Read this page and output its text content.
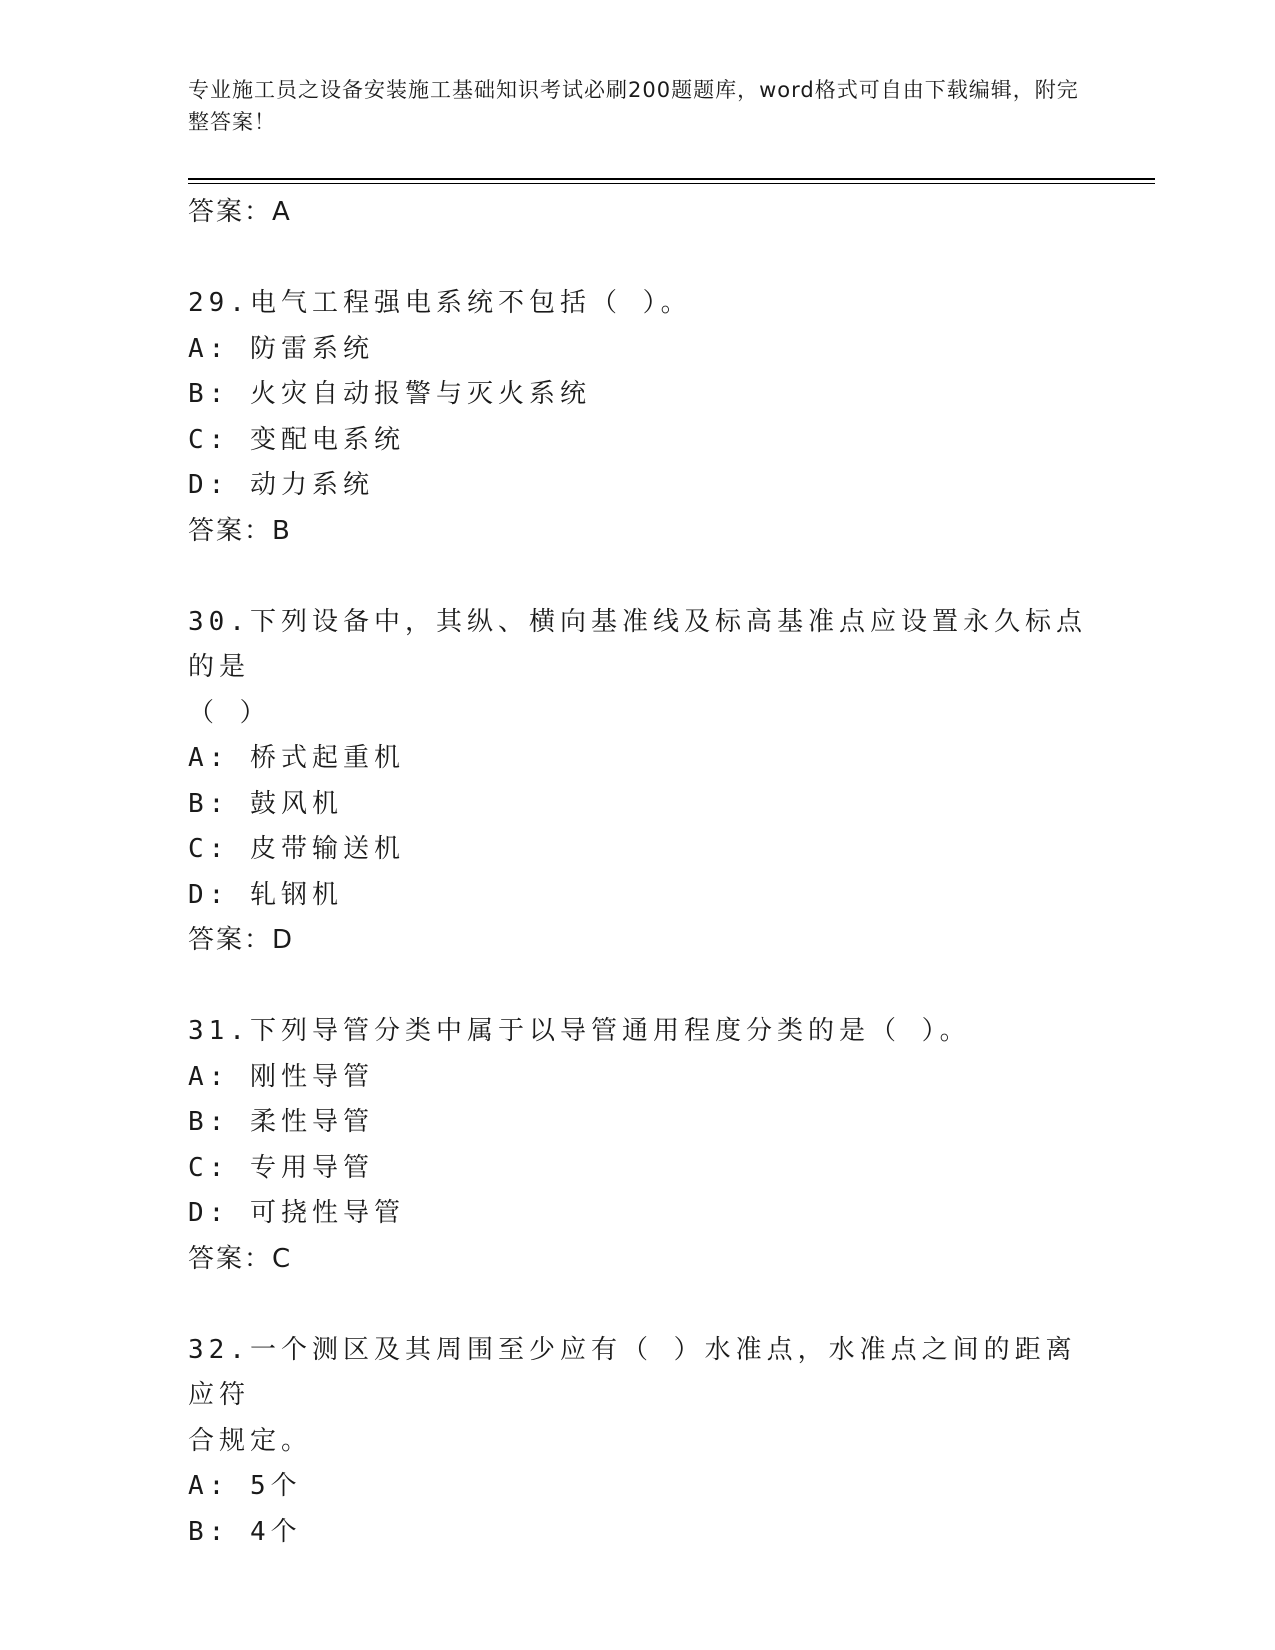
专业施工员之设备安装施工基础知识考试必刷200题题库，word格式可自由下载编辑，附完整答案！
答案：A
29.电气工程强电系统不包括（ ）。
A: 防雷系统
B: 火灾自动报警与灭火系统
C: 变配电系统
D: 动力系统
答案：B
30.下列设备中，其纵、横向基准线及标高基准点应设置永久标点的是
（ ）
A: 桥式起重机
B: 鼓风机
C: 皮带输送机
D: 轧钢机
答案：D
31.下列导管分类中属于以导管通用程度分类的是（ ）。
A: 刚性导管
B: 柔性导管
C: 专用导管
D: 可挠性导管
答案：C
32.一个测区及其周围至少应有（ ）水准点，水准点之间的距离应符
合规定。
A: 5个
B: 4个
